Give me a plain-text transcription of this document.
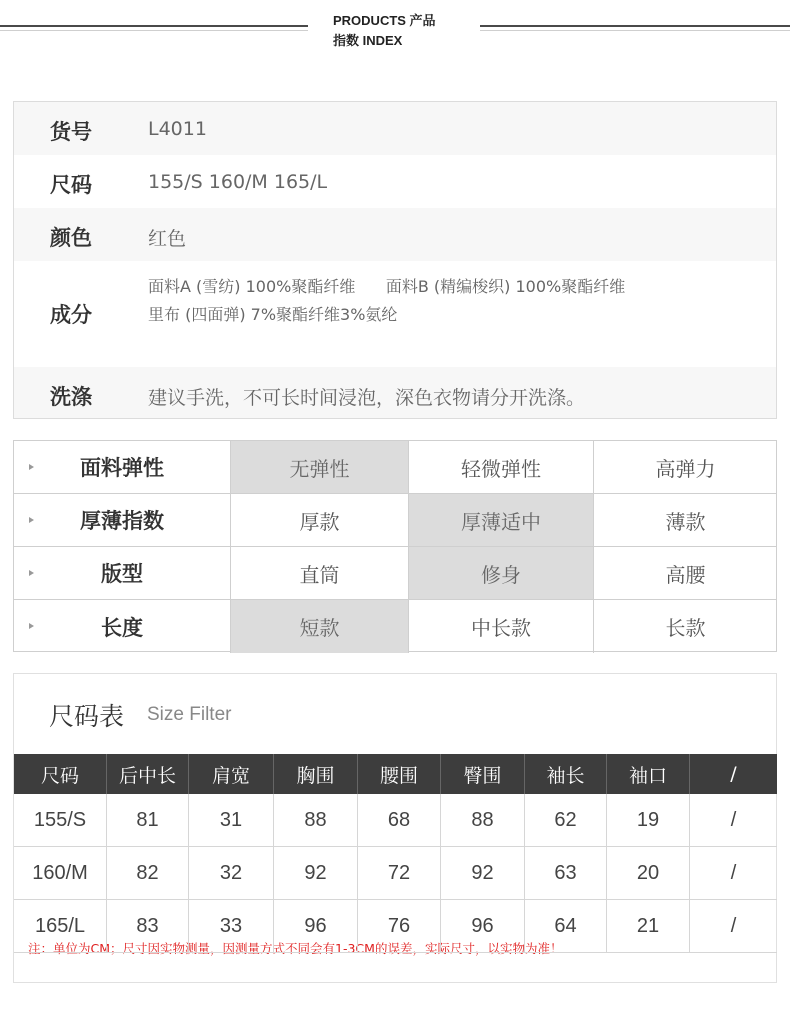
PRODUCTS 产品
指数 INDEX
货号	L4011
尺码	155/S 160/M 165/L
颜色	红色
成分
面料A (雪纺) 100%聚酯纤维      面料B (精编梭织) 100%聚酯纤维
里布 (四面弹) 7%聚酯纤维3%氨纶
洗涤	建议手洗，不可长时间浸泡，深色衣物请分开洗涤。
面料弹性	无弹性	轻微弹性	高弹力
厚薄指数	厚款	厚薄适中	薄款
版型	直筒	修身	高腰
长度	短款	中长款	长款
尺码表 Size Filter
尺码	后中长	肩宽	胸围	腰围	臀围	袖长	袖口	/
注：单位为CM；尺寸因实物测量，因测量方式不同会有1-3CM的误差，实际尺寸，以实物为准！
155/S	81	31	88	68	88	62	19	/
160/M	82	32	92	72	92	63	20	/
165/L	83	33	96	76	96	64	21	/
